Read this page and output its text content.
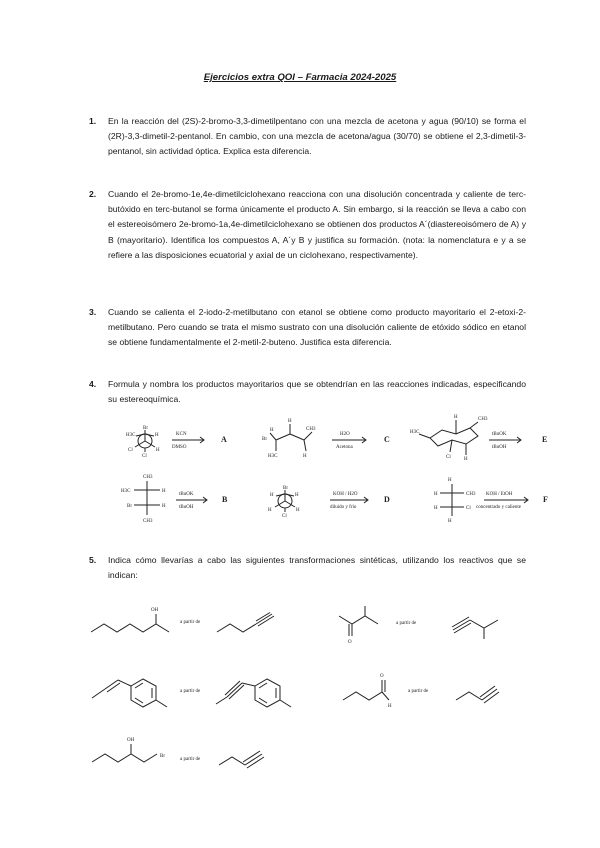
Ejercicios extra QOI – Farmacia 2024-2025
1. En la reacción del (2S)-2-bromo-3,3-dimetilpentano con una mezcla de acetona y agua (90/10) se forma el (2R)-3,3-dimetil-2-pentanol. En cambio, con una mezcla de acetona/agua (30/70) se obtiene el 2,3-dimetil-3-pentanol, sin actividad óptica. Explica esta diferencia.

2. Cuando el 2e-bromo-1e,4e-dimetilciclohexano reacciona con una disolución concentrada y caliente de terc-butóxido en terc-butanol se forma únicamente el producto A. Sin embargo, si la reacción se lleva a cabo con el estereoisómero 2e-bromo-1a,4e-dimetilciclohexano se obtienen dos productos A´(diastereoisómero de A) y B (mayoritario). Identifica los compuestos A, A´y B y justifica su formación. (nota: la nomenclatura e y a se refiere a las disposiciones ecuatorial y axial de un ciclohexano, respectivamente).

3. Cuando se calienta el 2-iodo-2-metilbutano con etanol se obtiene como producto mayoritario el 2-etoxi-2-metilbutano. Pero cuando se trata el mismo sustrato con una disolución caliente de etóxido sódico en etanol se obtiene fundamentalmente el 2-metil-2-buteno. Justifica esta diferencia.

4. Formula y nombra los productos mayoritarios que se obtendrían en las reacciones indicadas, especificando su estereoquímica.

5. Indica cómo llevarías a cabo las siguientes transformaciones sintéticas, utilizando los reactivos que se indican:

Br
H3C	H
Cl	H
Cl
KCN
DMSO
A	Br
H
H3C
H
CH3
H
H2O
Acetona
C
H3C
H	CH3
H
Cl
tBuOK
tBuOH
E
CH3
H3C	H
Br	H
CH3
tBuOK
tBuOH
B
Br
H	H
H	H
Cl
KOH / H2O
diluido y frío
D
H
H	CH3
H	Cl
H
KOH / EtOH
concentrado y caliente
F
OH
a partir de
O
a partir de
a partir de
O
H
a partir de
OH
Br
a partir de
